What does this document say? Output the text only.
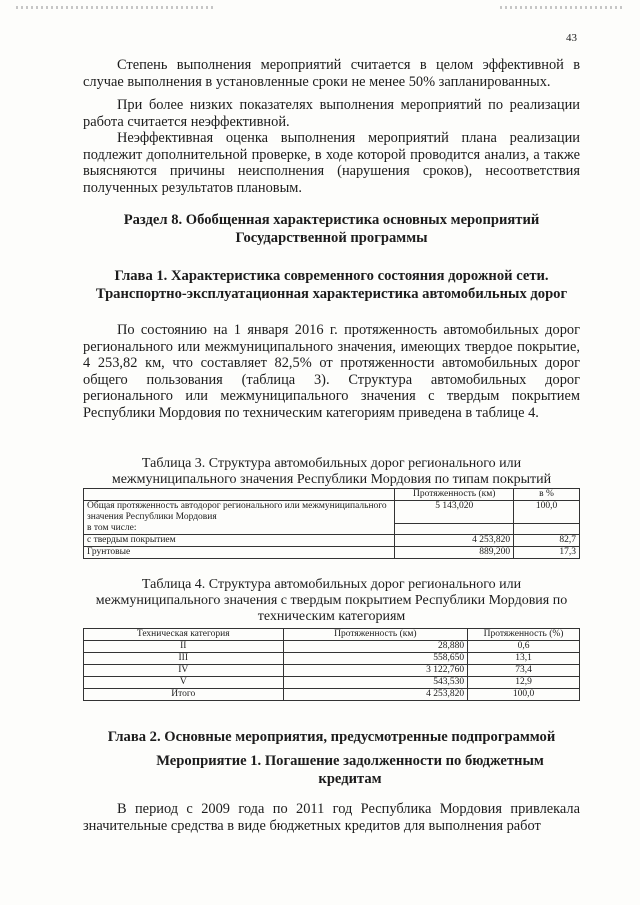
43

Степень выполнения мероприятий считается в целом эффективной в случае выполнения в установленные сроки не менее 50% запланированных.

При более низких показателях выполнения мероприятий по реализации работа считается неэффективной.

Неэффективная оценка выполнения мероприятий плана реализации подлежит дополнительной проверке, в ходе которой проводится анализ, а также выясняются причины неисполнения (нарушения сроков), несоответствия полученных результатов плановым.

Раздел 8. Обобщенная характеристика основных мероприятий Государственной программы
Глава 1. Характеристика современного состояния дорожной сети. Транспортно-эксплуатационная характеристика автомобильных дорог

По состоянию на 1 января 2016 г. протяженность автомобильных дорог регионального или межмуниципального значения, имеющих твердое покрытие, 4 253,82 км, что составляет 82,5% от протяженности автомобильных дорог общего пользования (таблица 3). Структура автомобильных дорог регионального или межмуниципального значения с твердым покрытием Республики Мордовия по техническим категориям приведена в таблице 4.

Таблица 3. Структура автомобильных дорог регионального или межмуниципального значения Республики Мордовия по типам покрытий

	Протяженность (км)	в %
Общая протяженность автодорог регионального или межмуниципального значения Республики Мордовия	5 143,020	100,0
в том числе:		
с твердым покрытием	4 253,820	82,7
Грунтовые	889,200	17,3

Таблица 4. Структура автомобильных дорог регионального или межмуниципального значения с твердым покрытием Республики Мордовия по техническим категориям

Техническая категория	Протяженность (км)	Протяженность (%)
II	28,880	0,6
III	558,650	13,1
IV	3 122,760	73,4
V	543,530	12,9
Итого	4 253,820	100,0
Глава 2. Основные мероприятия, предусмотренные подпрограммой
Мероприятие 1. Погашение задолженности по бюджетным кредитам

В период с 2009 года по 2011 год Республика Мордовия привлекала значительные средства в виде бюджетных кредитов для выполнения работ
